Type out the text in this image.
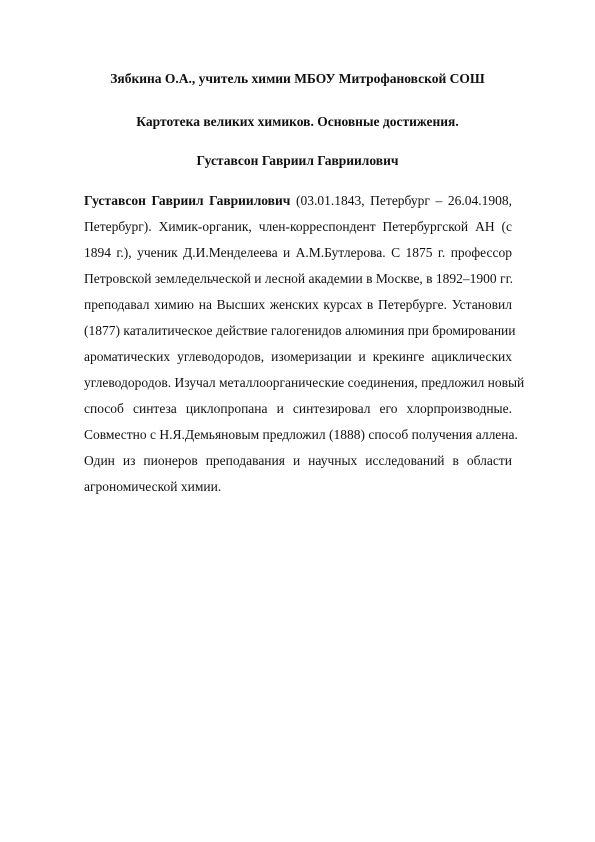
Зябкина О.А., учитель химии МБОУ Митрофановской СОШ
Картотека великих химиков. Основные достижения.
Густавсон Гавриил Гавриилович
Густавсон Гавриил Гавриилович (03.01.1843, Петербург – 26.04.1908,
Петербург). Химик-органик, член-корреспондент Петербургской АН (с
1894 г.), ученик Д.И.Менделеева и А.М.Бутлерова. С 1875 г. профессор
Петровской земледельческой и лесной академии в Москве, в 1892–1900 гг.
преподавал химию на Высших женских курсах в Петербурге. Установил
(1877) каталитическое действие галогенидов алюминия при бромировании
ароматических углеводородов, изомеризации и крекинге ациклических
углеводородов. Изучал металлоорганические соединения, предложил новый
способ синтеза циклопропана и синтезировал его хлорпроизводные.
Совместно с Н.Я.Демьяновым предложил (1888) способ получения аллена.
Один из пионеров преподавания и научных исследований в области
агрономической химии.
